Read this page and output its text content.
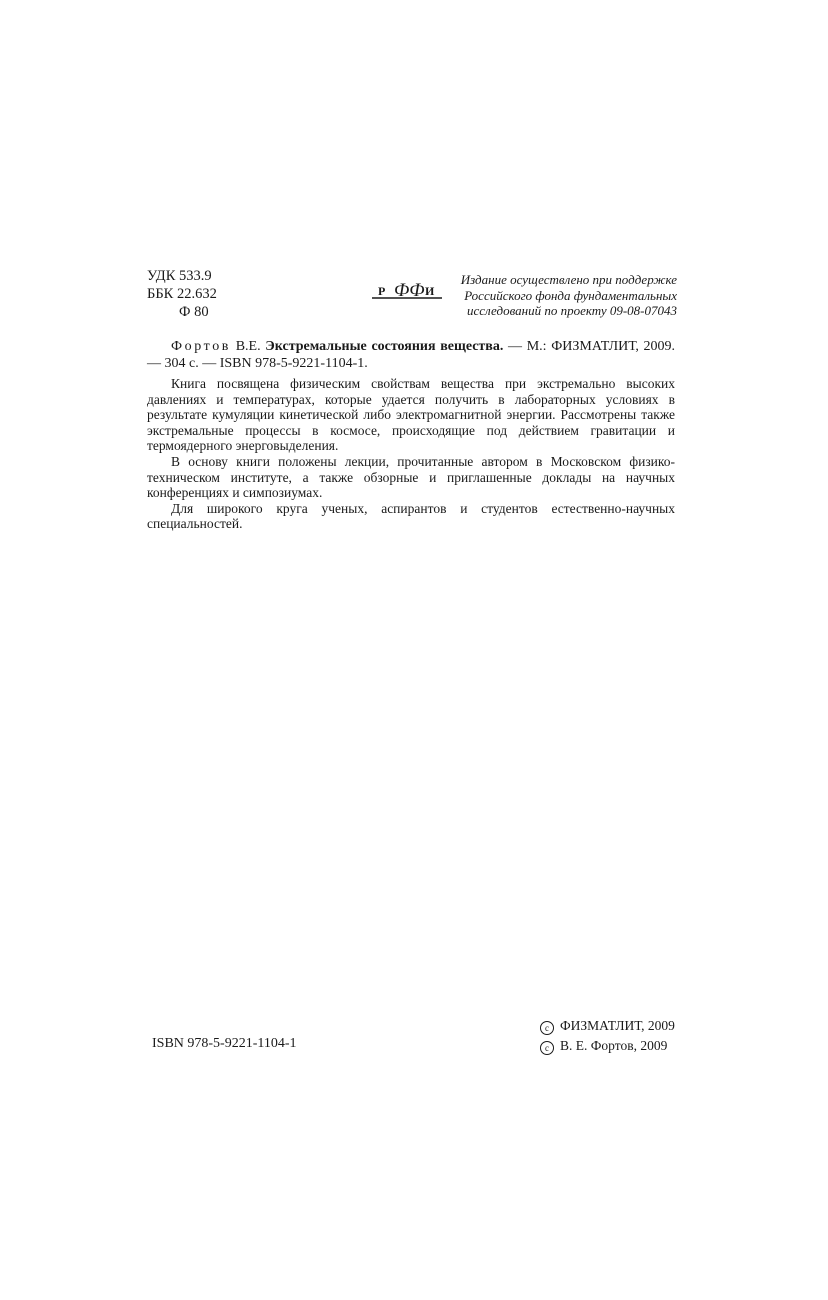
УДК 533.9
ББК 22.632
Ф 80
Р ФФ И
Издание осуществлено при поддержке
Российского фонда фундаментальных
исследований по проекту 09-08-07043
Фортов В.Е. Экстремальные состояния вещества. — М.: ФИЗМАТЛИТ, 2009. — 304 с. — ISBN 978-5-9221-1104-1.

Книга посвящена физическим свойствам вещества при экстремально высоких давлениях и температурах, которые удается получить в лабораторных условиях в результате кумуляции кинетической либо электромагнитной энергии. Рассмотрены также экстремальные процессы в космосе, происходящие под действием гравитации и термоядерного энерговыделения.

В основу книги положены лекции, прочитанные автором в Московском физико-техническом институте, а также обзорные и приглашенные доклады на научных конференциях и симпозиумах.

Для широкого круга ученых, аспирантов и студентов естественно-научных специальностей.

ISBN 978-5-9221-1104-1
c ФИЗМАТЛИТ, 2009
c В. Е. Фортов, 2009
